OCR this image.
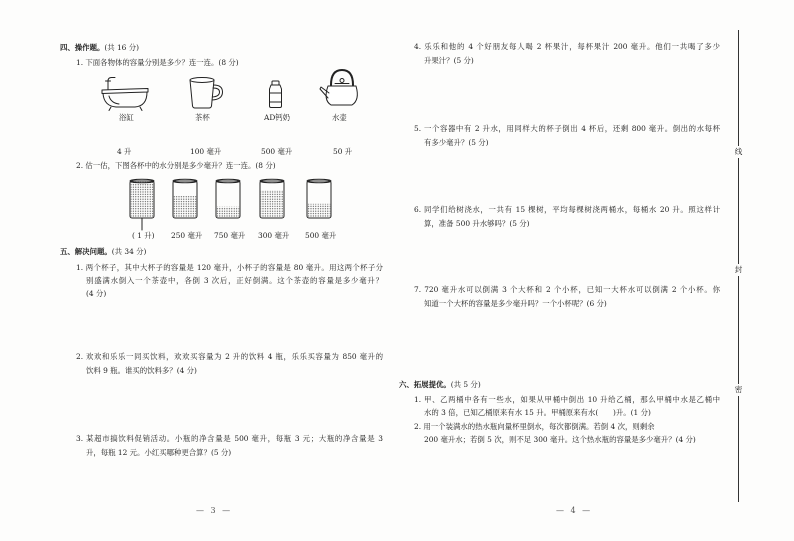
四、操作题。(共 16 分)
1. 下面各物体的容量分别是多少？连一连。(8 分)
浴缸	茶杯	AD钙奶	水壶
4 升	100 毫升	500 毫升	50 升
2. 估一估，下图各杯中的水分别是多少毫升？连一连。(8 分)
( 1 升) 250 毫升 750 毫升 300 毫升 500 毫升
五、解决问题。(共 34 分)
1. 两个杯子，其中大杯子的容量是 120 毫升，小杯子的容量是 80 毫升。用这两个杯子分
别盛满水倒入一个茶壶中，各倒 3 次后，正好倒满。这个茶壶的容量是多少毫升？
(4 分)
2. 欢欢和乐乐一同买饮料，欢欢买容量为 2 升的饮料 4 瓶，乐乐买容量为 850 毫升的
饮料 9 瓶。谁买的饮料多？(4 分)
3. 某超市搞饮料促销活动。小瓶的净含量是 500 毫升，每瓶 3 元；大瓶的净含量是 3
升，每瓶 12 元。小红买哪种更合算？(5 分)
— 3 —
4. 乐乐和他的 4 个好朋友每人喝 2 杯果汁，每杯果汁 200 毫升。他们一共喝了多少
升果汁？(5 分)
5. 一个容器中有 2 升水，用同样大的杯子倒出 4 杯后，还剩 800 毫升。倒出的水每杯
有多少毫升？(5 分)
6. 同学们给树浇水，一共有 15 棵树，平均每棵树浇两桶水，每桶水 20 升。照这样计
算，准备 500 升水够吗？(5 分)
7. 720 毫升水可以倒满 3 个大杯和 2 个小杯，已知一大杯水可以倒满 2 个小杯。你
知道一个大杯的容量是多少毫升吗？一个小杯呢？(6 分)
六、拓展提优。(共 5 分)
1. 甲、乙两桶中各有一些水，如果从甲桶中倒出 10 升给乙桶，那么甲桶中水是乙桶中
水的 3 倍，已知乙桶原来有水 15 升。甲桶原来有水(　　)升。(1 分)
2. 用一个装满水的热水瓶向量杯里倒水，每次都倒满。若倒 4 次，则剩余
200 毫升水；若倒 5 次，则不足 300 毫升。这个热水瓶的容量是多少毫升？(4 分)
— 4 —
线
封
密
